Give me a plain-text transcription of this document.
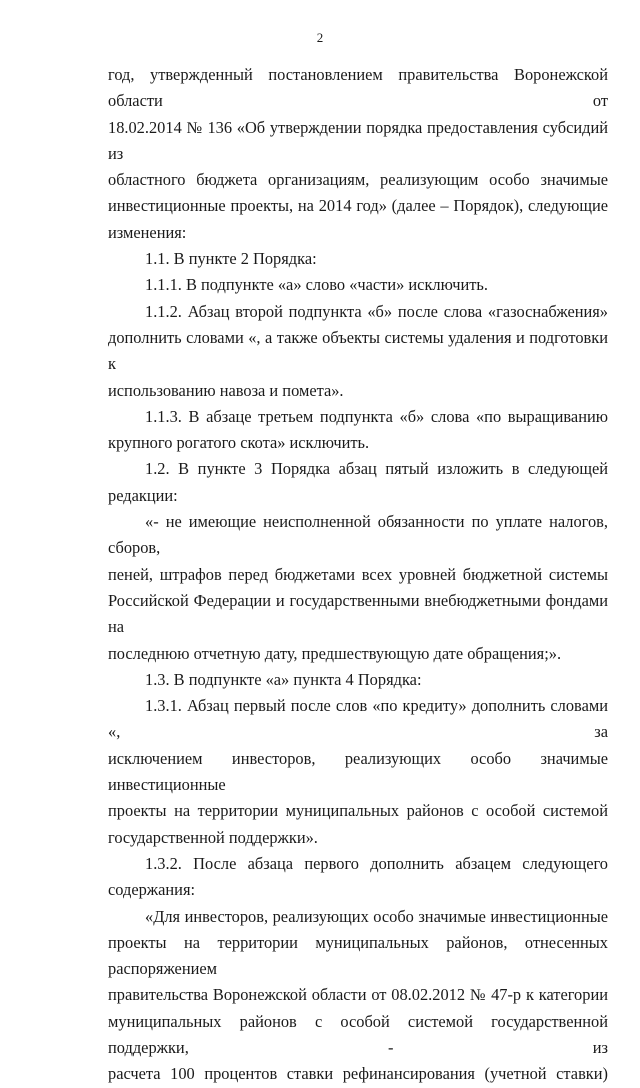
2
год, утвержденный постановлением правительства Воронежской области от
18.02.2014 № 136 «Об утверждении порядка предоставления субсидий из
областного бюджета организациям, реализующим особо значимые
инвестиционные проекты, на 2014 год» (далее – Порядок), следующие
изменения:
1.1. В пункте 2 Порядка:
1.1.1. В подпункте «а» слово «части» исключить.
1.1.2. Абзац второй подпункта «б» после слова «газоснабжения»
дополнить словами «, а также объекты системы удаления и подготовки к
использованию навоза и помета».
1.1.3. В абзаце третьем подпункта «б» слова «по выращиванию
крупного рогатого скота» исключить.
1.2. В пункте 3 Порядка абзац пятый изложить в следующей
редакции:
«- не имеющие неисполненной обязанности по уплате налогов, сборов,
пеней, штрафов перед бюджетами всех уровней бюджетной системы
Российской Федерации и государственными внебюджетными фондами на
последнюю отчетную дату, предшествующую дате обращения;».
1.3. В подпункте «а» пункта 4 Порядка:
1.3.1. Абзац первый после слов «по кредиту» дополнить словами «, за
исключением инвесторов, реализующих особо значимые инвестиционные
проекты на территории муниципальных районов с особой системой
государственной поддержки».
1.3.2. После абзаца первого дополнить абзацем следующего
содержания:
«Для инвесторов, реализующих особо значимые инвестиционные
проекты на территории муниципальных районов, отнесенных распоряжением
правительства Воронежской области от 08.02.2012 № 47-р к категории
муниципальных районов с особой системой государственной поддержки, - из
расчета 100 процентов ставки рефинансирования (учетной ставки)
